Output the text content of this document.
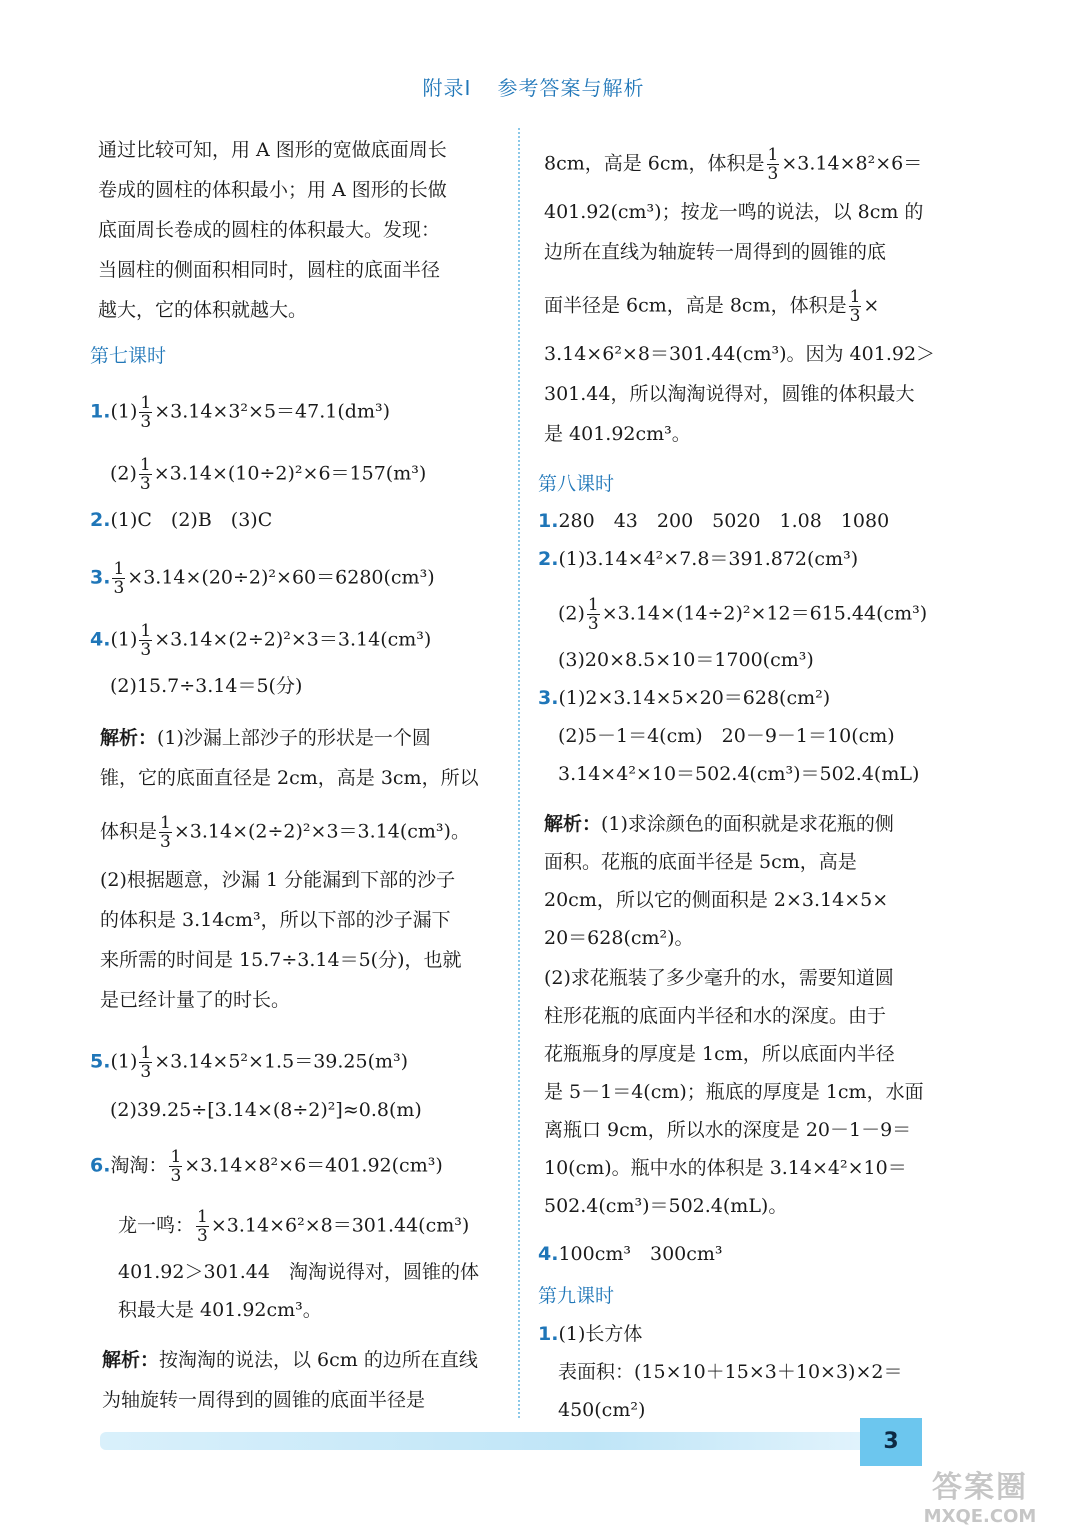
附录Ⅰ 参考答案与解析
通过比较可知，用 A 图形的宽做底面周长
卷成的圆柱的体积最小；用 A 图形的长做
底面周长卷成的圆柱的体积最大。发现：
当圆柱的侧面积相同时，圆柱的底面半径
越大，它的体积就越大。
第七课时
$1.(1) \frac{1}{3} \times 3.14\times 3^2\times 5=47.1(dm^3)$
$(2) \frac{1}{3} \times 3.14\times(10\div 2)^2\times 6=157(m^3)$
2.(1)C　(2)B　(3)C
3. $\frac{1}{3} \times 3.14\times(20\div 2)^2\times 60=6280(cm^3)$
$4.(1) \frac{1}{3} \times 3.14\times(2\div 2)^2\times 3=3.14(cm^3)$
(2)15.7÷3.14＝5(分)
解析：(1)沙漏上部沙子的形状是一个圆
锥，它的底面直径是 2cm，高是 3cm，所以
体积是 $\frac{1}{3} \times 3.14\times(2\div 2)^2\times 3=3.14(cm^3)$。
(2)根据题意，沙漏 1 分能漏到下部的沙子
的体积是 3.14cm³，所以下部的沙子漏下
来所需的时间是 15.7÷3.14＝5(分)，也就
是已经计量了的时长。
$5.(1) \frac{1}{3} \times 3.14\times 5^2\times 1.5=39.25(m^3)$
(2)39.25÷[3.14×(8÷2)²]≈0.8(m)
6.淘淘： $\frac{1}{3} \times 3.14\times 8^2\times 6=401.92(cm^3)$
龙一鸣： $\frac{1}{3} \times 3.14\times 6^2\times 8=301.44(cm^3)$
401.92＞301.44　淘淘说得对，圆锥的体
积最大是 401.92cm³。
解析：按淘淘的说法，以 6cm 的边所在直线
为轴旋转一周得到的圆锥的底面半径是
8cm，高是 6cm，体积是 $\frac{1}{3} \times 3.14\times 8^2\times 6=$
401.92(cm³)；按龙一鸣的说法，以 8cm 的
边所在直线为轴旋转一周得到的圆锥的底
面半径是 6cm，高是 8cm，体积是 $\frac{1}{3}$ ×
3.14×6²×8＝301.44(cm³)。因为 401.92＞
301.44，所以淘淘说得对，圆锥的体积最大
是 401.92cm³。
第八课时
1.280　43　200　5020　1.08　1080
2.(1)3.14×4²×7.8＝391.872(cm³)
$(2) \frac{1}{3} \times 3.14\times(14\div 2)^2\times 12=615.44(cm^3)$
(3)20×8.5×10＝1700(cm³)
3.(1)2×3.14×5×20＝628(cm²)
(2)5－1＝4(cm)　20－9－1＝10(cm)
3.14×4²×10＝502.4(cm³)＝502.4(mL)
解析：(1)求涂颜色的面积就是求花瓶的侧
面积。花瓶的底面半径是 5cm，高是
20cm，所以它的侧面积是 2×3.14×5×
20＝628(cm²)。
(2)求花瓶装了多少毫升的水，需要知道圆
柱形花瓶的底面内半径和水的深度。由于
花瓶瓶身的厚度是 1cm，所以底面内半径
是 5－1＝4(cm)；瓶底的厚度是 1cm，水面
离瓶口 9cm，所以水的深度是 20－1－9＝
10(cm)。瓶中水的体积是 3.14×4²×10＝
502.4(cm³)＝502.4(mL)。
4.100cm³　300cm³
第九课时
1.(1)长方体
表面积：(15×10＋15×3＋10×3)×2＝
450(cm²)
3
答案圈
MXQE.COM
